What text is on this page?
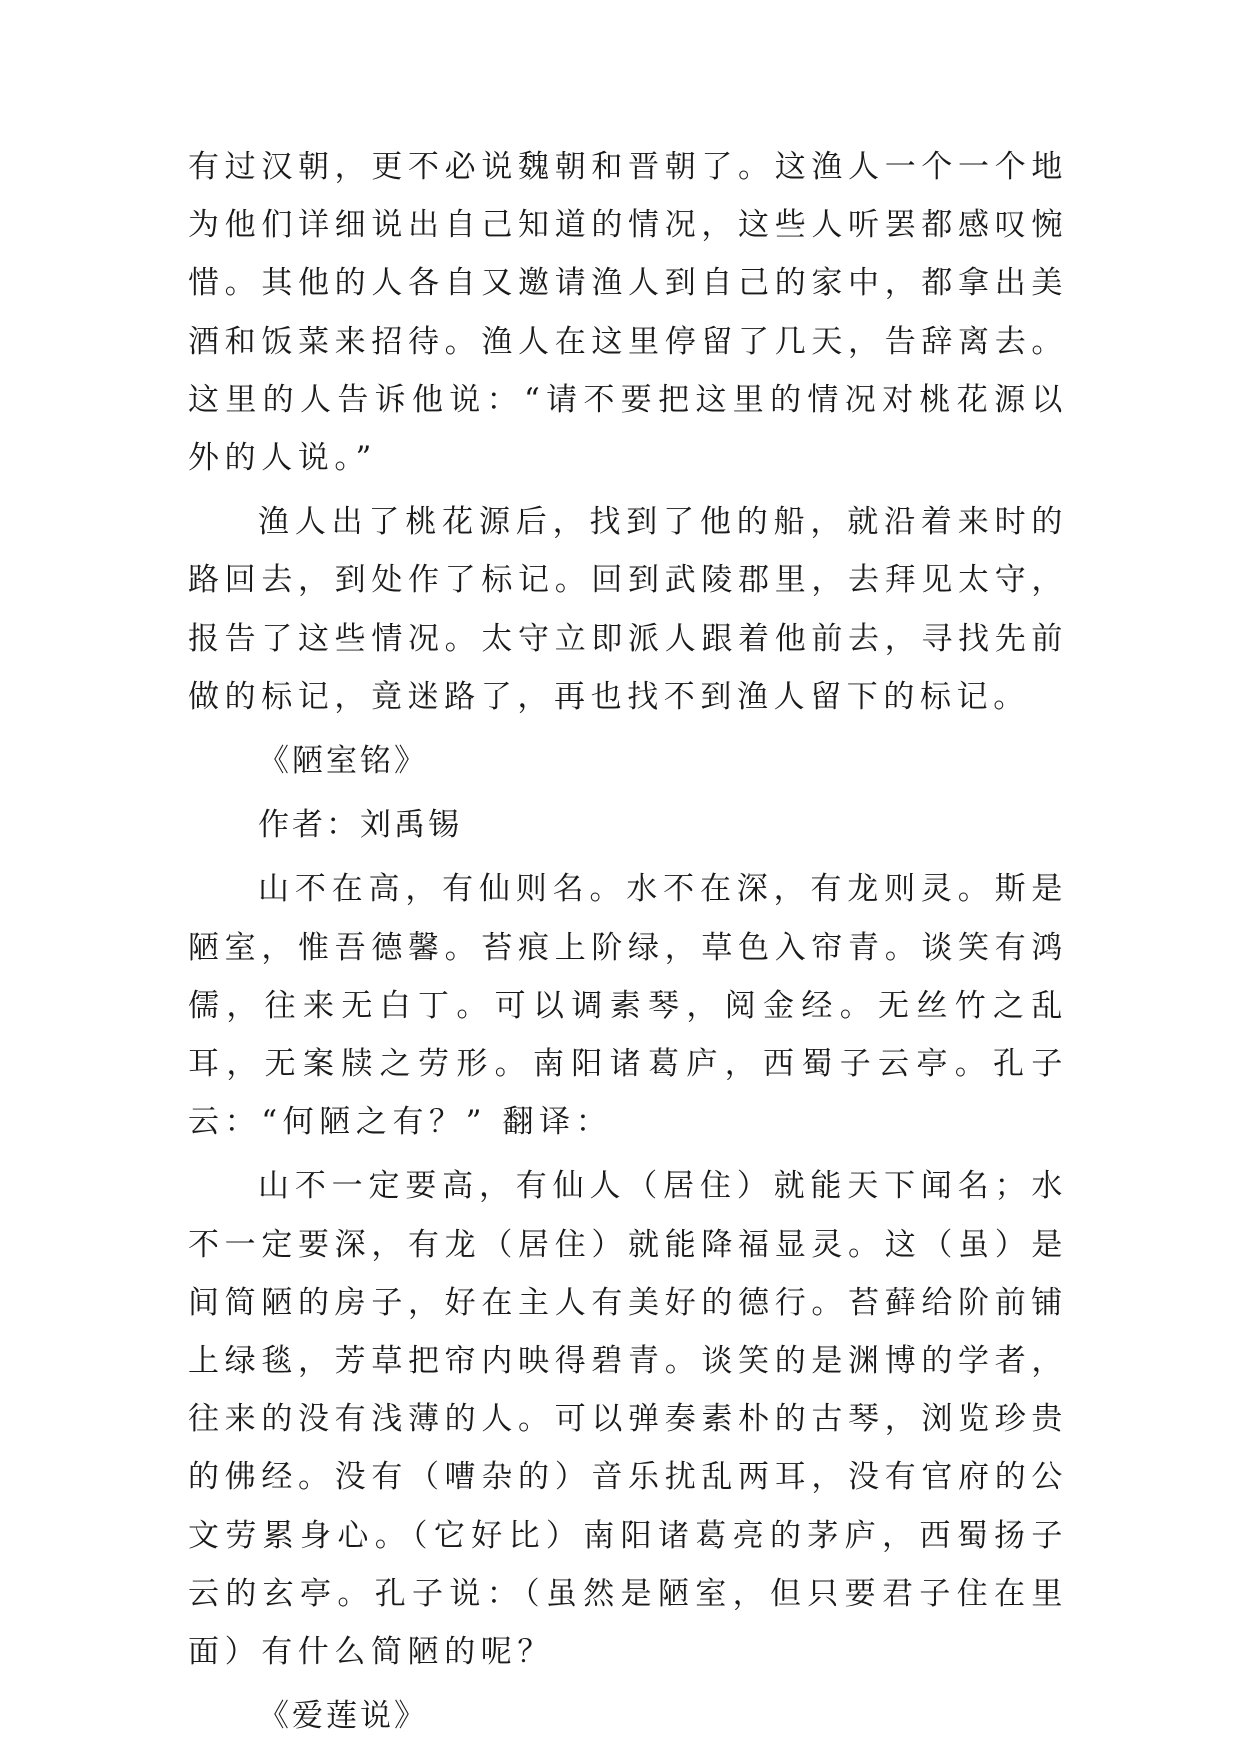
有过汉朝，更不必说魏朝和晋朝了。这渔人一个一个地为他们详细说出自己知道的情况，这些人听罢都感叹惋惜。其他的人各自又邀请渔人到自己的家中，都拿出美酒和饭菜来招待。渔人在这里停留了几天，告辞离去。这里的人告诉他说：“请不要把这里的情况对桃花源以外的人说。”

渔人出了桃花源后，找到了他的船，就沿着来时的路回去，到处作了标记。回到武陵郡里，去拜见太守，报告了这些情况。太守立即派人跟着他前去，寻找先前做的标记，竟迷路了，再也找不到渔人留下的标记。

《陋室铭》

作者：刘禹锡

山不在高，有仙则名。水不在深，有龙则灵。斯是陋室，惟吾德馨。苔痕上阶绿，草色入帘青。谈笑有鸿儒，往来无白丁。可以调素琴，阅金经。无丝竹之乱耳，无案牍之劳形。南阳诸葛庐，西蜀子云亭。孔子云：“何陋之有？” 翻译：

山不一定要高，有仙人（居住）就能天下闻名；水不一定要深，有龙（居住）就能降福显灵。这（虽）是间简陋的房子，好在主人有美好的德行。苔藓给阶前铺上绿毯，芳草把帘内映得碧青。谈笑的是渊博的学者，往来的没有浅薄的人。可以弹奏素朴的古琴，浏览珍贵的佛经。没有（嘈杂的）音乐扰乱两耳，没有官府的公文劳累身心。（它好比）南阳诸葛亮的茅庐，西蜀扬子云的玄亭。孔子说：（虽然是陋室，但只要君子住在里面）有什么简陋的呢？

《爱莲说》
